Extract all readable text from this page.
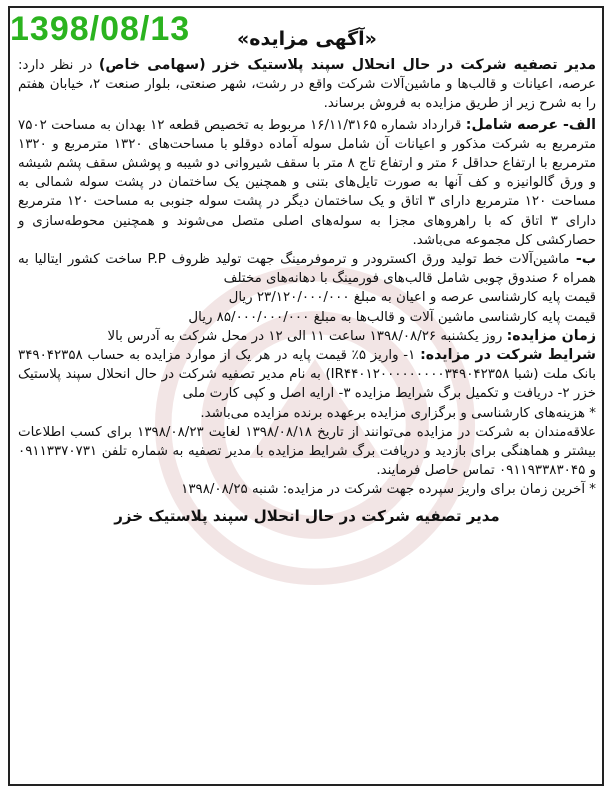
1398/08/13	«آگهی مزایده»

مدیر تصفیه شرکت در حال انحلال سپند پلاستیک خزر (سهامی خاص) در نظر دارد: عرصه، اعیانات و قالب‌ها و ماشین‌آلات شرکت واقع در رشت، شهر صنعتی، بلوار صنعت ۲، خیابان هفتم را به شرح زیر از طریق مزایده به فروش برساند.

الف- عرصه شامل: قرارداد شماره ۱۶/۱۱/۳۱۶۵ مربوط به تخصیص قطعه ۱۲ بهدان به مساحت ۷۵۰۲ مترمربع به شرکت مذکور و اعیانات آن شامل سوله آماده دوقلو با مساحت‌های ۱۳۲۰ مترمربع و ۱۳۲۰ مترمربع با ارتفاع حداقل ۶ متر و ارتفاع تاج ۸ متر با سقف شیروانی دو شیبه و پوشش سقف پشم شیشه و ورق گالوانیزه و کف آنها به صورت تایل‌های بتنی و همچنین یک ساختمان در پشت سوله شمالی به مساحت ۱۲۰ مترمربع دارای ۳ اتاق و یک ساختمان دیگر در پشت سوله جنوبی به مساحت ۱۲۰ مترمربع دارای ۳ اتاق که با راهروهای مجزا به سوله‌های اصلی متصل می‌شوند و همچنین محوطه‌سازی و حصارکشی کل مجموعه می‌باشد.

ب- ماشین‌آلات خط تولید ورق اکسترودر و ترموفرمینگ جهت تولید ظروف P.P ساخت کشور ایتالیا به همراه ۶ صندوق چوبی شامل قالب‌های فورمینگ با دهانه‌های مختلف

قیمت پایه کارشناسی عرصه و اعیان به مبلغ ۲۳/۱۲۰/۰۰۰/۰۰۰ ریال

قیمت پایه کارشناسی ماشین آلات و قالب‌ها به مبلغ ۸۵/۰۰۰/۰۰۰/۰۰۰ ریال

زمان مزایده: روز یکشنبه ۱۳۹۸/۰۸/۲۶ ساعت ۱۱ الی ۱۲ در محل شرکت به آدرس بالا

شرایط شرکت در مزایده: ۱- واریز ۵٪ قیمت پایه در هر یک از موارد مزایده به حساب ۳۴۹۰۴۲۳۵۸ بانک ملت (شبا IR۴۴۰۱۲۰۰۰۰۰۰۰۰۰۳۴۹۰۴۲۳۵۸) به نام مدیر تصفیه شرکت در حال انحلال سپند پلاستیک خزر ۲- دریافت و تکمیل برگ شرایط مزایده ۳- ارایه اصل و کپی کارت ملی

* هزینه‌های کارشناسی و برگزاری مزایده برعهده برنده مزایده می‌باشد.

علاقه‌مندان به شرکت در مزایده می‌توانند از تاریخ ۱۳۹۸/۰۸/۱۸ لغایت ۱۳۹۸/۰۸/۲۳ برای کسب اطلاعات بیشتر و هماهنگی برای بازدید و دریافت برگ شرایط مزایده با مدیر تصفیه به شماره تلفن ۰۹۱۱۳۳۷۰۷۳۱ و ۰۹۱۱۹۳۳۸۳۰۴۵ تماس حاصل فرمایند.

* آخرین زمان برای واریز سپرده جهت شرکت در مزایده: شنبه ۱۳۹۸/۰۸/۲۵

مدیر تصفیه شرکت در حال انحلال سپند پلاستیک خزر
